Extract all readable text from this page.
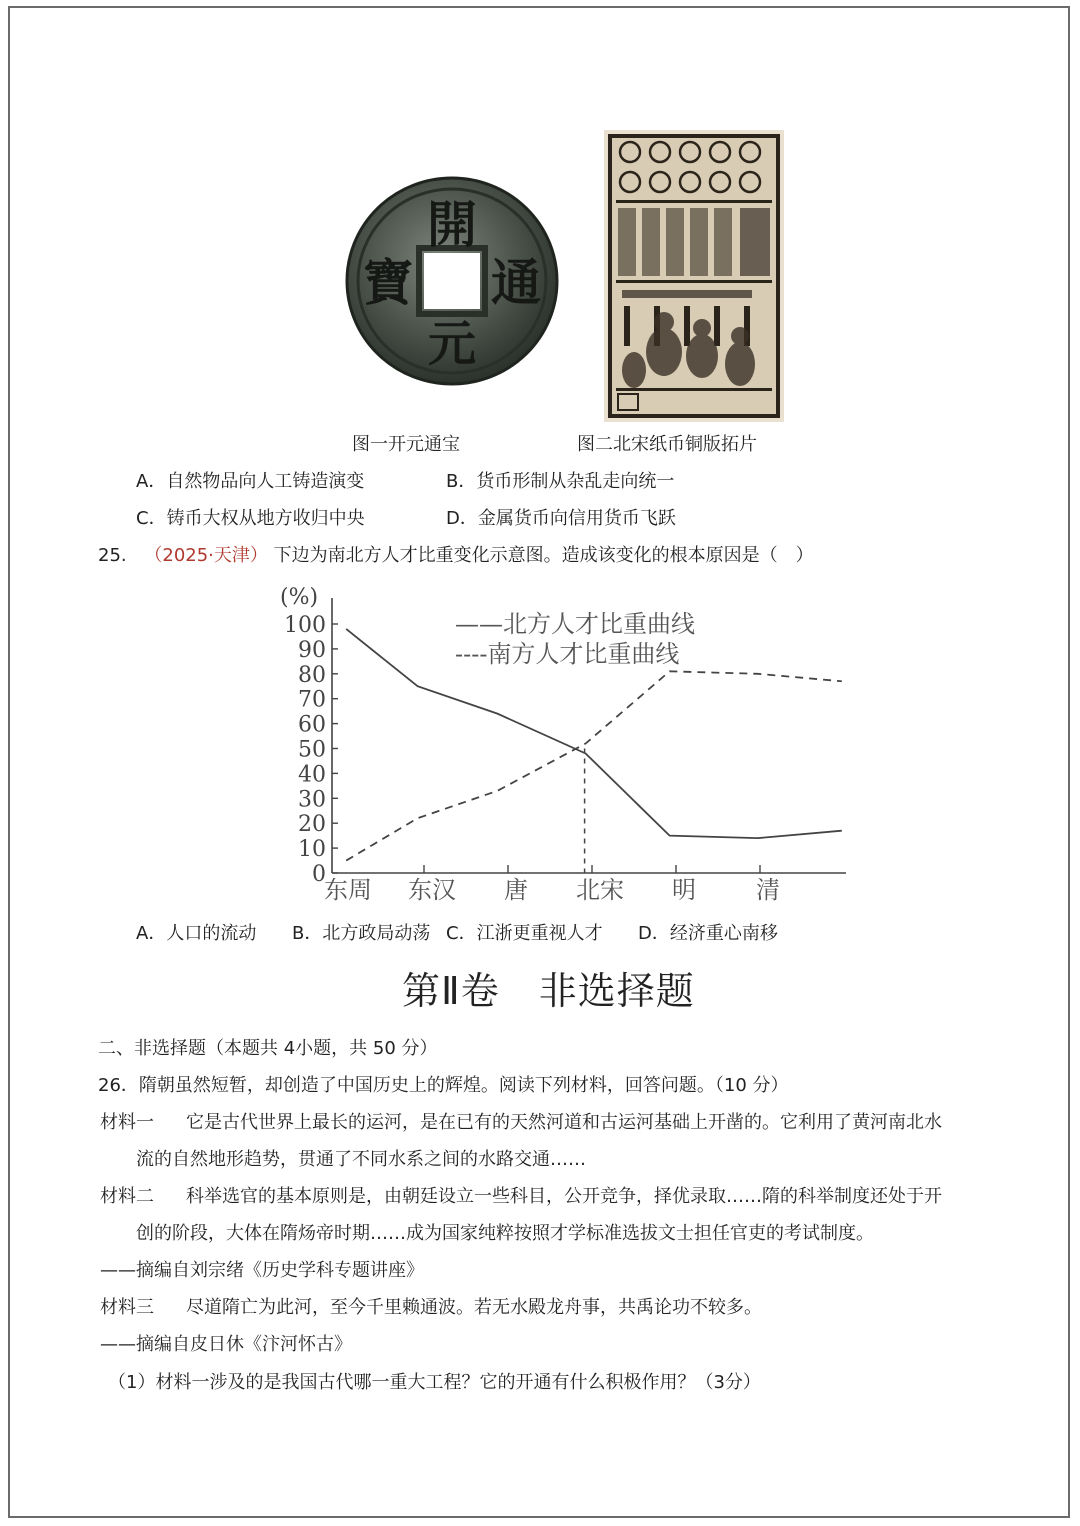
開
元
寶 通
图一开元通宝	图二北宋纸币铜版拓片
A．自然物品向人工铸造演变	B．货币形制从杂乱走向统一
C．铸币大权从地方收归中央	D．金属货币向信用货币飞跃
25. （2025·天津） 下边为南北方人才比重变化示意图。造成该变化的根本原因是（　）
(%)
100
90
80
70
60
50
40
30
20
10
0
东周 东汉 唐 北宋 明	清
——北方人才比重曲线
----南方人才比重曲线
A．人口的流动 B．北方政局动荡 C．江浙更重视人才 D．经济重心南移
第Ⅱ卷　非选择题
二、非选择题（本题共 4小题，共 50 分）
26．隋朝虽然短暂，却创造了中国历史上的辉煌。阅读下列材料，回答问题。（10 分）
材料一 它是古代世界上最长的运河，是在已有的天然河道和古运河基础上开凿的。它利用了黄河南北水
流的自然地形趋势，贯通了不同水系之间的水路交通……
材料二 科举选官的基本原则是，由朝廷设立一些科目，公开竞争，择优录取……隋的科举制度还处于开
创的阶段，大体在隋炀帝时期……成为国家纯粹按照才学标准选拔文士担任官吏的考试制度。
——摘编自刘宗绪《历史学科专题讲座》
材料三 尽道隋亡为此河，至今千里赖通波。若无水殿龙舟事，共禹论功不较多。
——摘编自皮日休《汴河怀古》
（1）材料一涉及的是我国古代哪一重大工程？它的开通有什么积极作用？（3分）
